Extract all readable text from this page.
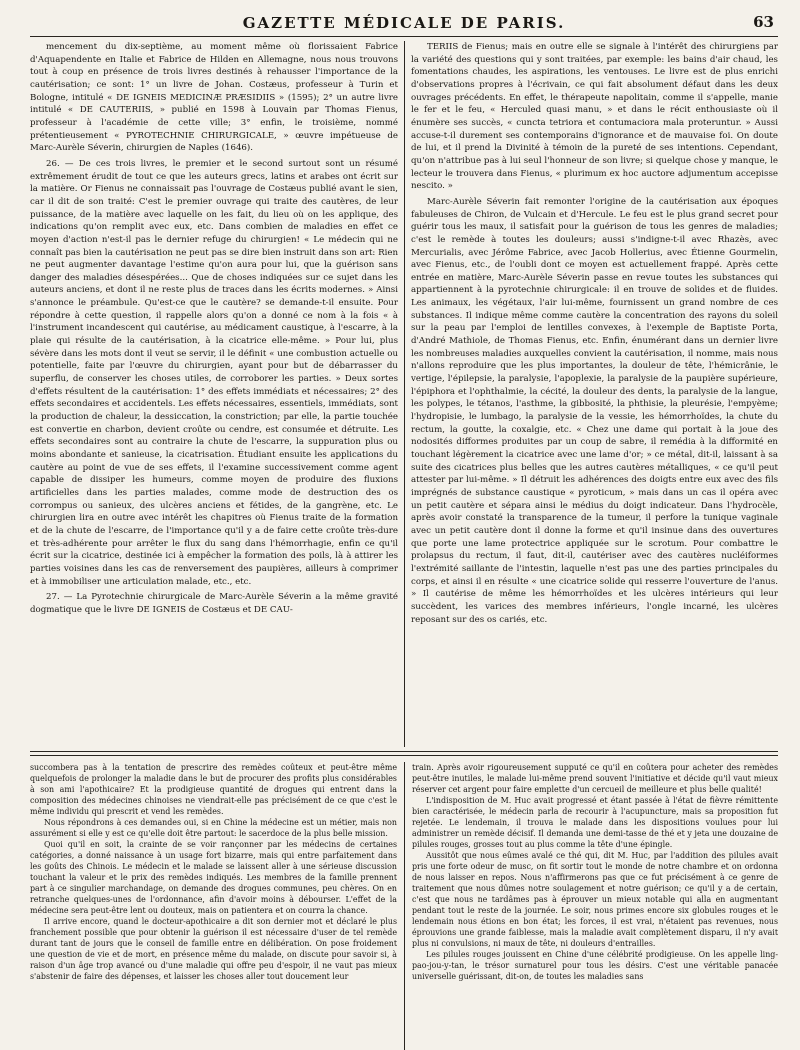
GAZETTE MÉDICALE DE PARIS.	63

mencement du dix-septième, au moment même où florissaient Fabrice d'Aquapendente en Italie et Fabrice de Hilden en Allemagne, nous nous trouvons tout à coup en présence de trois livres destinés à rehausser l'importance de la cautérisation; ce sont: 1° un livre de Johan. Costæus, professeur à Turin et Bologne, intitulé « DE IGNEIS MEDICINÆ PRÆSIDIIS » (1595); 2° un autre livre intitulé « DE CAUTERIIS, » publié en 1598 à Louvain par Thomas Fienus, professeur à l'académie de cette ville; 3° enfin, le troisième, nommé prétentieusement « PYROTECHNIE CHIRURGICALE, » œuvre impétueuse de Marc-Aurèle Séverin, chirurgien de Naples (1646).

26. — De ces trois livres, le premier et le second surtout sont un résumé extrêmement érudit de tout ce que les auteurs grecs, latins et arabes ont écrit sur la matière. Or Fienus ne connaissait pas l'ouvrage de Costæus publié avant le sien, car il dit de son traité: C'est le premier ouvrage qui traite des cautères, de leur puissance, de la matière avec laquelle on les fait, du lieu où on les applique, des indications qu'on remplit avec eux, etc. Dans combien de maladies en effet ce moyen d'action n'est-il pas le dernier refuge du chirurgien! « Le médecin qui ne connaît pas bien la cautérisation ne peut pas se dire bien instruit dans son art: Rien ne peut augmenter davantage l'estime qu'on aura pour lui, que la guérison sans danger des maladies désespérées... Que de choses indiquées sur ce sujet dans les auteurs anciens, et dont il ne reste plus de traces dans les écrits modernes. » Ainsi s'annonce le préambule. Qu'est-ce que le cautère? se demande-t-il ensuite. Pour répondre à cette question, il rappelle alors qu'on a donné ce nom à la fois « à l'instrument incandescent qui cautérise, au médicament caustique, à l'escarre, à la plaie qui résulte de la cautérisation, à la cicatrice elle-même. » Pour lui, plus sévère dans les mots dont il veut se servir, il le définit « une combustion actuelle ou potentielle, faite par l'œuvre du chirurgien, ayant pour but de débarrasser du superflu, de conserver les choses utiles, de corroborer les parties. » Deux sortes d'effets résultent de la cautérisation: 1° des effets immédiats et nécessaires; 2° des effets secondaires et accidentels. Les effets nécessaires, essentiels, immédiats, sont la production de chaleur, la dessiccation, la constriction; par elle, la partie touchée est convertie en charbon, devient croûte ou cendre, est consumée et détruite. Les effets secondaires sont au contraire la chute de l'escarre, la suppuration plus ou moins abondante et sanieuse, la cicatrisation. Étudiant ensuite les applications du cautère au point de vue de ses effets, il l'examine successivement comme agent capable de dissiper les humeurs, comme moyen de produire des fluxions artificielles dans les parties malades, comme mode de destruction des os corrompus ou sanieux, des ulcères anciens et fétides, de la gangrène, etc. Le chirurgien lira en outre avec intérêt les chapitres où Fienus traite de la formation et de la chute de l'escarre, de l'importance qu'il y a de faire cette croûte très-dure et très-adhérente pour arrêter le flux du sang dans l'hémorrhagie, enfin ce qu'il écrit sur la cicatrice, destinée ici à empêcher la formation des poils, là à attirer les parties voisines dans les cas de renversement des paupières, ailleurs à comprimer et à immobiliser une articulation malade, etc., etc.

27. — La Pyrotechnie chirurgicale de Marc-Aurèle Séverin a la même gravité dogmatique que le livre DE IGNEIS de Costæus et DE CAU-

TERIIS de Fienus; mais en outre elle se signale à l'intérêt des chirurgiens par la variété des questions qui y sont traitées, par exemple: les bains d'air chaud, les fomentations chaudes, les aspirations, les ventouses. Le livre est de plus enrichi d'observations propres à l'écrivain, ce qui fait absolument défaut dans les deux ouvrages précédents. En effet, le thérapeute napolitain, comme il s'appelle, manie le fer et le feu, « Herculed quasi manu, » et dans le récit enthousiaste où il énumère ses succès, « cuncta tetriora et contumaciora mala proteruntur. » Aussi accuse-t-il durement ses contemporains d'ignorance et de mauvaise foi. On doute de lui, et il prend la Divinité à témoin de la pureté de ses intentions. Cependant, qu'on n'attribue pas à lui seul l'honneur de son livre; si quelque chose y manque, le lecteur le trouvera dans Fienus, « plurimum ex hoc auctore adjumentum accepisse nescito. »

Marc-Aurèle Séverin fait remonter l'origine de la cautérisation aux époques fabuleuses de Chiron, de Vulcain et d'Hercule. Le feu est le plus grand secret pour guérir tous les maux, il satisfait pour la guérison de tous les genres de maladies; c'est le remède à toutes les douleurs; aussi s'indigne-t-il avec Rhazès, avec Mercurialis, avec Jérôme Fabrice, avec Jacob Hollerius, avec Étienne Gourmelin, avec Fienus, etc., de l'oubli dont ce moyen est actuellement frappé. Après cette entrée en matière, Marc-Aurèle Séverin passe en revue toutes les substances qui appartiennent à la pyrotechnie chirurgicale: il en trouve de solides et de fluides. Les animaux, les végétaux, l'air lui-même, fournissent un grand nombre de ces substances. Il indique même comme cautère la concentration des rayons du soleil sur la peau par l'emploi de lentilles convexes, à l'exemple de Baptiste Porta, d'André Mathiole, de Thomas Fienus, etc. Enfin, énumérant dans un dernier livre les nombreuses maladies auxquelles convient la cautérisation, il nomme, mais nous n'allons reproduire que les plus importantes, la douleur de tête, l'hémicrânie, le vertige, l'épilepsie, la paralysie, l'apoplexie, la paralysie de la paupière supérieure, l'épiphora et l'ophthalmie, la cécité, la douleur des dents, la paralysie de la langue, les polypes, le tétanos, l'asthme, la gibbosité, la phthisie, la pleurésie, l'empyème; l'hydropisie, le lumbago, la paralysie de la vessie, les hémorrhoïdes, la chute du rectum, la goutte, la coxalgie, etc. « Chez une dame qui portait à la joue des nodosités difformes produites par un coup de sabre, il remédia à la difformité en touchant légèrement la cicatrice avec une lame d'or; » ce métal, dit-il, laissant à sa suite des cicatrices plus belles que les autres cautères métalliques, « ce qu'il peut attester par lui-même. » Il détruit les adhérences des doigts entre eux avec des fils imprégnés de substance caustique « pyroticum, » mais dans un cas il opéra avec un petit cautère et sépara ainsi le médius du doigt indicateur. Dans l'hydrocèle, après avoir constaté la transparence de la tumeur, il perfore la tunique vaginale avec un petit cautère dont il donne la forme et qu'il insinue dans des ouvertures que porte une lame protectrice appliquée sur le scrotum. Pour combattre le prolapsus du rectum, il faut, dit-il, cautériser avec des cautères nucléiformes l'extrémité saillante de l'intestin, laquelle n'est pas une des parties principales du corps, et ainsi il en résulte « une cicatrice solide qui resserre l'ouverture de l'anus. » Il cautérise de même les hémorrhoïdes et les ulcères intérieurs qui leur succèdent, les varices des membres inférieurs, l'ongle incarné, les ulcères reposant sur des os cariés, etc.

succombera pas à la tentation de prescrire des remèdes coûteux et peut-être même quelquefois de prolonger la maladie dans le but de procurer des profits plus considérables à son ami l'apothicaire? Et la prodigieuse quantité de drogues qui entrent dans la composition des médecines chinoises ne viendrait-elle pas précisément de ce que c'est le même individu qui prescrit et vend les remèdes.

Nous répondrons à ces demandes oui, si en Chine la médecine est un métier, mais non assurément si elle y est ce qu'elle doit être partout: le sacerdoce de la plus belle mission.

Quoi qu'il en soit, la crainte de se voir rançonner par les médecins de certaines catégories, a donné naissance à un usage fort bizarre, mais qui entre parfaitement dans les goûts des Chinois. Le médecin et le malade se laissent aller à une sérieuse discussion touchant la valeur et le prix des remèdes indiqués. Les membres de la famille prennent part à ce singulier marchandage, on demande des drogues communes, peu chères. On en retranche quelques-unes de l'ordonnance, afin d'avoir moins à débourser. L'effet de la médecine sera peut-être lent ou douteux, mais on patientera et on courra la chance.

Il arrive encore, quand le docteur-apothicaire a dit son dernier mot et déclaré le plus franchement possible que pour obtenir la guérison il est nécessaire d'user de tel remède durant tant de jours que le conseil de famille entre en délibération. On pose froidement une question de vie et de mort, en présence même du malade, on discute pour savoir si, à raison d'un âge trop avancé ou d'une maladie qui offre peu d'espoir, il ne vaut pas mieux s'abstenir de faire des dépenses, et laisser les choses aller tout doucement leur

train. Après avoir rigoureusement supputé ce qu'il en coûtera pour acheter des remèdes peut-être inutiles, le malade lui-même prend souvent l'initiative et décide qu'il vaut mieux réserver cet argent pour faire emplette d'un cercueil de meilleure et plus belle qualité!

L'indisposition de M. Huc avait progressé et étant passée à l'état de fièvre rémittente bien caractérisée, le médecin parla de recourir à l'acupuncture, mais sa proposition fut rejetée. Le lendemain, il trouva le malade dans les dispositions voulues pour lui administrer un remède décisif. Il demanda une demi-tasse de thé et y jeta une douzaine de pilules rouges, grosses tout au plus comme la tête d'une épingle.

Aussitôt que nous eûmes avalé ce thé qui, dit M. Huc, par l'addition des pilules avait pris une forte odeur de musc, on fit sortir tout le monde de notre chambre et on ordonna de nous laisser en repos. Nous n'affirmerons pas que ce fut précisément à ce genre de traitement que nous dûmes notre soulagement et notre guérison; ce qu'il y a de certain, c'est que nous ne tardâmes pas à éprouver un mieux notable qui alla en augmentant pendant tout le reste de la journée. Le soir, nous primes encore six globules rouges et le lendemain nous étions en bon état; les forces, il est vrai, n'étaient pas revenues, nous éprouvions une grande faiblesse, mais la maladie avait complètement disparu, il n'y avait plus ni convulsions, ni maux de tête, ni douleurs d'entrailles.

Les pilules rouges jouissent en Chine d'une célébrité prodigieuse. On les appelle ling-pao-jou-y-tan, le trésor surnaturel pour tous les désirs. C'est une véritable panacée universelle guérissant, dit-on, de toutes les maladies sans
